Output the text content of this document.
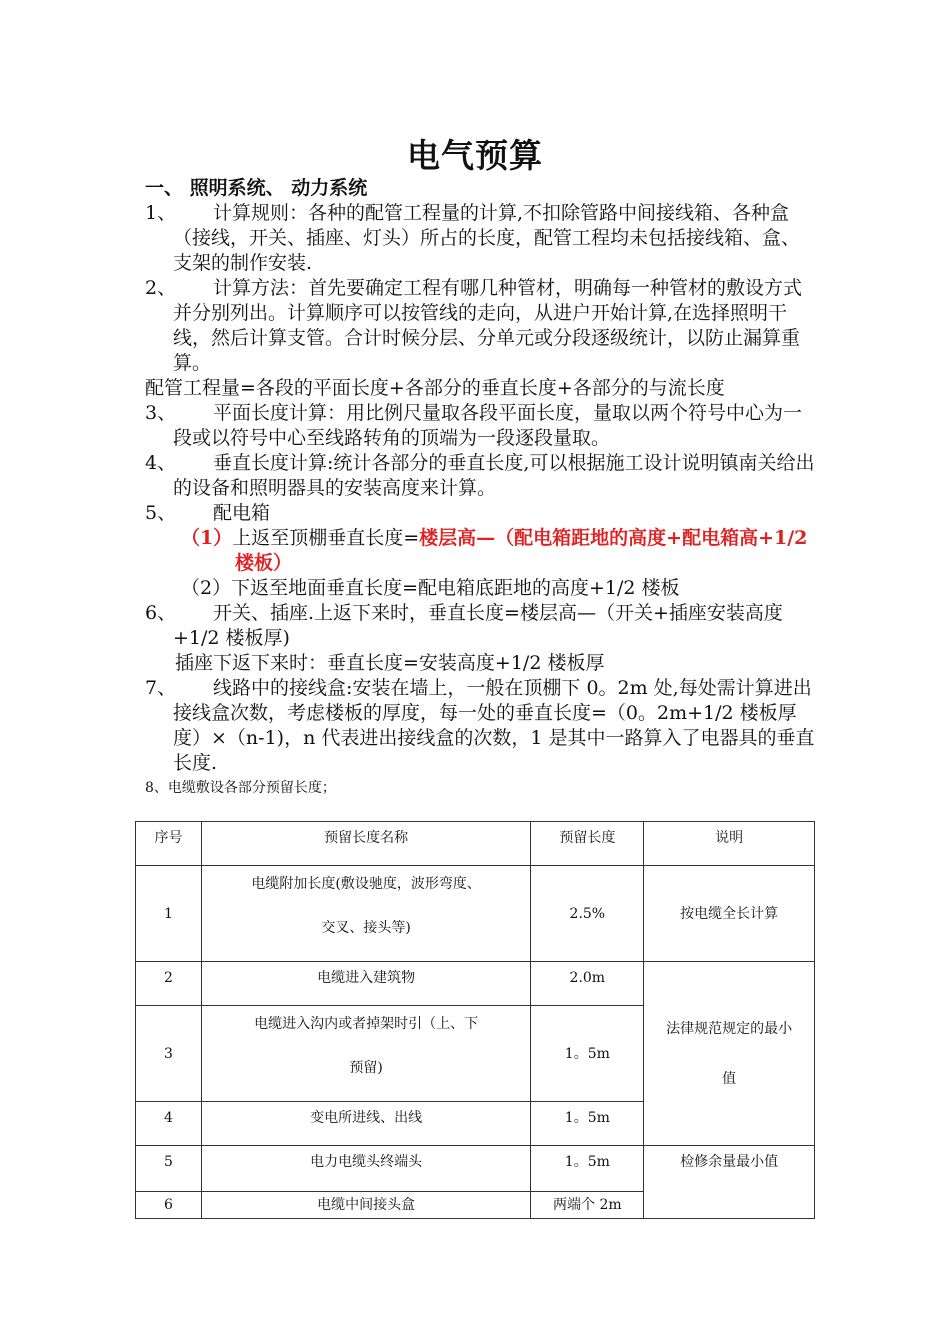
电气预算
一、 照明系统、 动力系统
1、 计算规则：各种的配管工程量的计算,不扣除管路中间接线箱、各种盒（接线，开关、插座、灯头）所占的长度，配管工程均未包括接线箱、盒、支架的制作安装.
2、 计算方法：首先要确定工程有哪几种管材，明确每一种管材的敷设方式并分别列出。计算顺序可以按管线的走向，从进户开始计算,在选择照明干线，然后计算支管。合计时候分层、分单元或分段逐级统计，以防止漏算重算。
配管工程量=各段的平面长度+各部分的垂直长度+各部分的与流长度
3、 平面长度计算：用比例尺量取各段平面长度，量取以两个符号中心为一段或以符号中心至线路转角的顶端为一段逐段量取。
4、 垂直长度计算:统计各部分的垂直长度,可以根据施工设计说明镇南关给出的设备和照明器具的安装高度来计算。
5、 配电箱
（1）上返至顶棚垂直长度=楼层高—（配电箱距地的高度+配电箱高+1/2 楼板）
（2）下返至地面垂直长度=配电箱底距地的高度+1/2 楼板
6、 开关、插座.上返下来时，垂直长度=楼层高—（开关+插座安装高度+1/2 楼板厚)
插座下返下来时：垂直长度=安装高度+1/2 楼板厚
7、 线路中的接线盒:安装在墙上，一般在顶棚下 0。2m 处,每处需计算进出接线盒次数，考虑楼板的厚度，每一处的垂直长度=（0。2m+1/2 楼板厚度）×（n-1)，n 代表进出接线盒的次数，1 是其中一路算入了电器具的垂直长度.
8、电缆敷设各部分预留长度；
序号	预留长度名称	预留长度	说明
1	电缆附加长度(敷设驰度，波形弯度、
交叉、接头等)	2.5%	按电缆全长计算
2	电缆进入建筑物	2.0m	法律规范规定的最小
值

3	电缆进入沟内或者掉架时引（上、下
预留)	1。5m	
4	变电所进线、出线	1。5m	
5	电力电缆头终端头	1。5m	检修余量最小值
6	电缆中间接头盒	两端个 2m	
